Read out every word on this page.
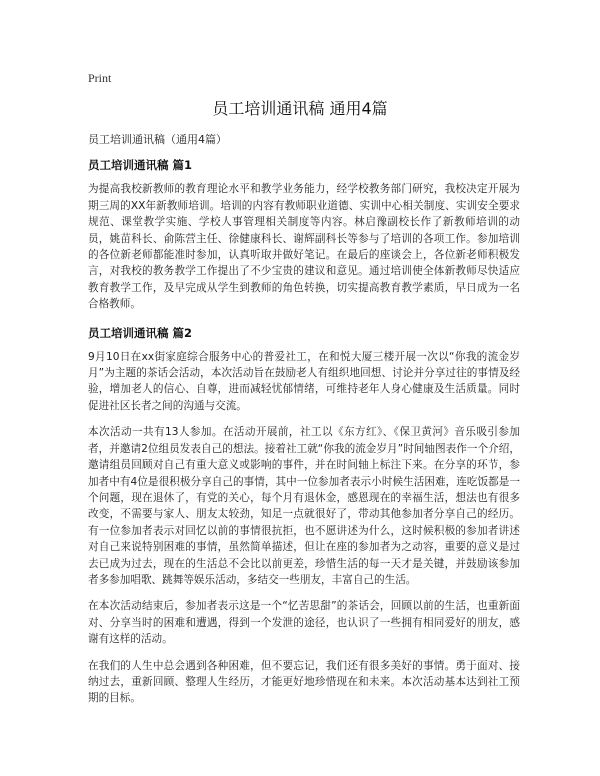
Print
员工培训通讯稿 通用4篇

员工培训通讯稿（通用4篇）

员工培训通讯稿 篇1

为提高我校新教师的教育理论水平和教学业务能力，经学校教务部门研究，我校决定开展为期三周的XX年新教师培训。培训的内容有教师职业道德、实训中心相关制度、实训安全要求规范、课堂教学实施、学校人事管理相关制度等内容。林启豫副校长作了新教师培训的动员，姚苗科长、俞陈营主任、徐健康科长、谢辉副科长等参与了培训的各项工作。参加培训的各位新老师都能准时参加，认真听取并做好笔记。在最后的座谈会上，各位新老师积极发言，对我校的教务教学工作提出了不少宝贵的建议和意见。通过培训使全体新教师尽快适应教育教学工作，及早完成从学生到教师的角色转换，切实提高教育教学素质，早日成为一名合格教师。

员工培训通讯稿 篇2

9月10日在xx街家庭综合服务中心的普爱社工，在和悦大厦三楼开展一次以“你我的流金岁月”为主题的茶话会活动，本次活动旨在鼓励老人有组织地回想、讨论并分享过往的事情及经验，增加老人的信心、自尊，进而减轻忧郁情绪，可维持老年人身心健康及生活质量。同时促进社区长者之间的沟通与交流。

本次活动一共有13人参加。在活动开展前，社工以《东方红》、《保卫黄河》音乐吸引参加者，并邀请2位组员发表自己的想法。接着社工就“你我的流金岁月”时间轴图表作一个介绍，邀请组员回顾对自己有重大意义或影响的事件，并在时间轴上标注下来。在分享的环节，参加者中有4位是很积极分享自己的事情，其中一位参加者表示小时候生活困难，连吃饭都是一个问题，现在退休了，有党的关心，每个月有退休金，感恩现在的幸福生活，想法也有很多改变，不需要与家人、朋友太较劲，知足一点就很好了，带动其他参加者分享自己的经历。有一位参加者表示对回忆以前的事情很抗拒，也不愿讲述为什么，这时候积极的参加者讲述对自己来说特别困难的事情，虽然简单描述，但让在座的参加者为之动容，重要的意义是过去已成为过去，现在的生活总不会比以前更差，珍惜生活的每一天才是关键，并鼓励该参加者多参加唱歌、跳舞等娱乐活动，多结交一些朋友，丰富自己的生活。

在本次活动结束后，参加者表示这是一个“忆苦思甜”的茶话会，回顾以前的生活，也重新面对、分享当时的困难和遭遇，得到一个发泄的途径，也认识了一些拥有相同爱好的朋友，感谢有这样的活动。

在我们的人生中总会遇到各种困难，但不要忘记，我们还有很多美好的事情。勇于面对、接纳过去，重新回顾、整理人生经历，才能更好地珍惜现在和未来。本次活动基本达到社工预期的目标。
